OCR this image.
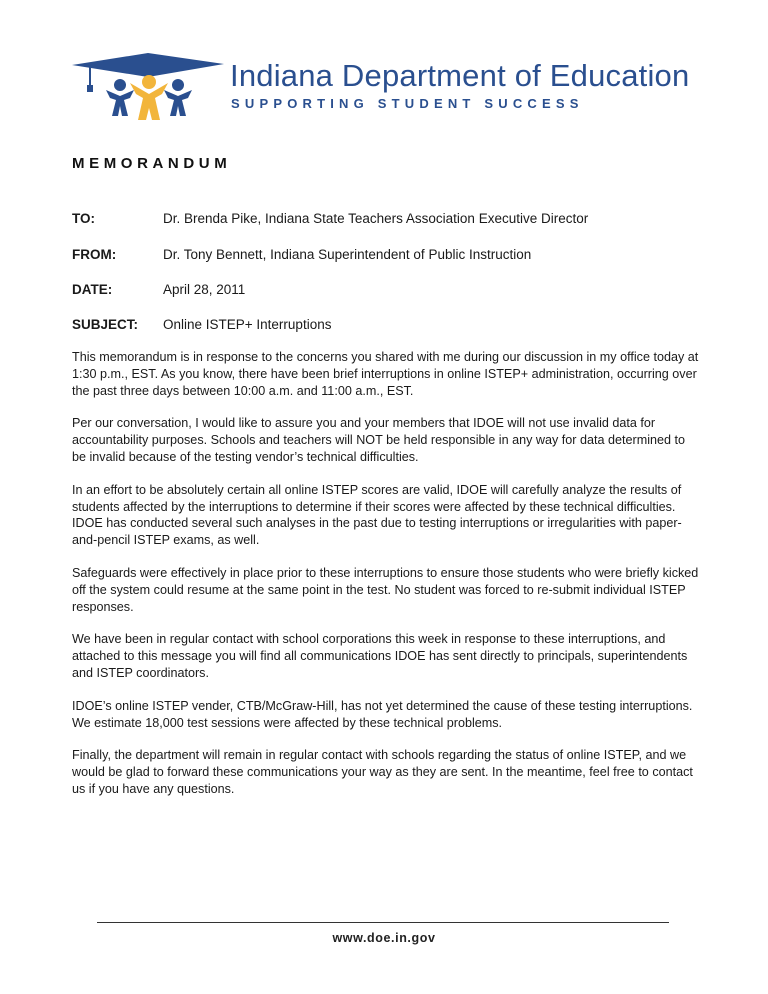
Indiana Department of Education
SUPPORTING STUDENT SUCCESS
MEMORANDUM
TO:	Dr. Brenda Pike, Indiana State Teachers Association Executive Director
FROM:	Dr. Tony Bennett, Indiana Superintendent of Public Instruction
DATE:	April 28, 2011
SUBJECT: Online ISTEP+ Interruptions

This memorandum is in response to the concerns you shared with me during our discussion in my office today at 1:30 p.m., EST. As you know, there have been brief interruptions in online ISTEP+ administration, occurring over the past three days between 10:00 a.m. and 11:00 a.m., EST.

Per our conversation, I would like to assure you and your members that IDOE will not use invalid data for accountability purposes. Schools and teachers will NOT be held responsible in any way for data determined to be invalid because of the testing vendor’s technical difficulties.

In an effort to be absolutely certain all online ISTEP scores are valid, IDOE will carefully analyze the results of students affected by the interruptions to determine if their scores were affected by these technical difficulties. IDOE has conducted several such analyses in the past due to testing interruptions or irregularities with paper-and-pencil ISTEP exams, as well.

Safeguards were effectively in place prior to these interruptions to ensure those students who were briefly kicked off the system could resume at the same point in the test. No student was forced to re-submit individual ISTEP responses.

We have been in regular contact with school corporations this week in response to these interruptions, and attached to this message you will find all communications IDOE has sent directly to principals, superintendents and ISTEP coordinators.

IDOE’s online ISTEP vender, CTB/McGraw-Hill, has not yet determined the cause of these testing interruptions. We estimate 18,000 test sessions were affected by these technical problems.

Finally, the department will remain in regular contact with schools regarding the status of online ISTEP, and we would be glad to forward these communications your way as they are sent. In the meantime, feel free to contact us if you have any questions.

www.doe.in.gov
